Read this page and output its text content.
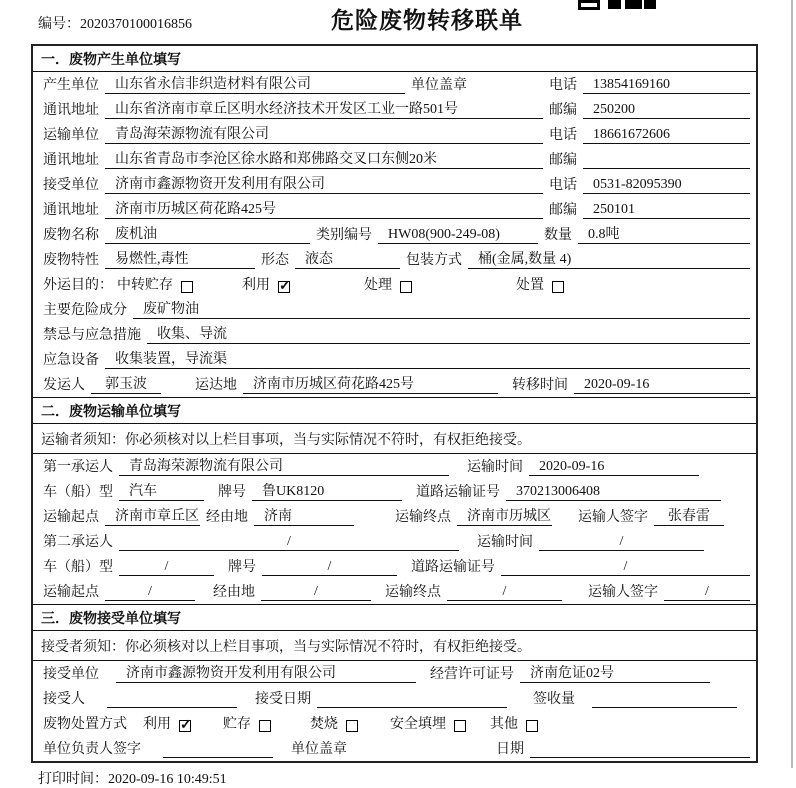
编号：2020370100016856	危险废物转移联单
一．废物产生单位填写
产生单位	山东省永信非织造材料有限公司	单位盖章	电话	13854169160
通讯地址	山东省济南市章丘区明水经济技术开发区工业一路501号	邮编	250200
运输单位	青岛海荣源物流有限公司	电话	18661672606
通讯地址	山东省青岛市李沧区徐水路和郑佛路交叉口东侧20米	邮编
接受单位	济南市鑫源物资开发利用有限公司	电话	0531-82095390
通讯地址	济南市历城区荷花路425号	邮编	250101
废物名称	废机油	类别编号	HW08(900-249-08)	数量	0.8吨
废物特性	易燃性,毒性	形态	液态	包装方式	桶(金属,数量 4)
外运目的： 中转贮存	利用 ✓	处理	处置
主要危险成分	废矿物油
禁忌与应急措施	收集、导流
应急设备	收集装置，导流渠
发运人	郭玉波	运达地	济南市历城区荷花路425号	转移时间	2020-09-16
二．废物运输单位填写
运输者须知：你必须核对以上栏目事项，当与实际情况不符时，有权拒绝接受。
第一承运人	青岛海荣源物流有限公司	运输时间	2020-09-16
车（船）型	汽车	牌号	鲁UK8120	道路运输证号	370213006408
运输起点	济南市章丘区 经由地	济南	运输终点	济南市历城区 运输人签字	张春雷
第二承运人	/	运输时间	/
车（船）型	/	牌号	/	道路运输证号	/
运输起点	/	经由地	/	运输终点	/	运输人签字	/
三．废物接受单位填写
接受者须知：你必须核对以上栏目事项，当与实际情况不符时，有权拒绝接受。
接受单位	济南市鑫源物资开发利用有限公司	经营许可证号	济南危证02号
接受人	接受日期	签收量
废物处置方式 利用 ✓	贮存	焚烧	安全填埋	其他
单位负责人签字	单位盖章	日期
打印时间：2020-09-16 10:49:51
